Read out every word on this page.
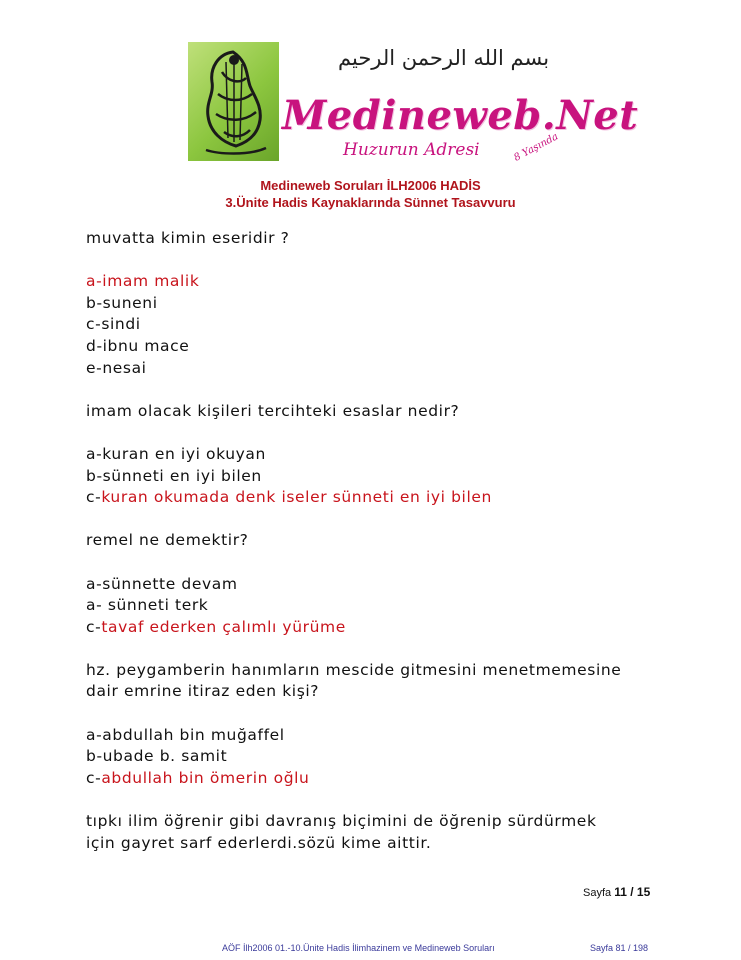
بسم الله الرحمن الرحيم
Medineweb.Net
Huzurun Adresi	8 Yaşında
Medineweb Soruları İLH2006 HADİS
3.Ünite Hadis Kaynaklarında Sünnet Tasavvuru
muvatta kimin eseridir ?
a-imam malik
b-suneni
c-sindi
d-ibnu mace
e-nesai
imam olacak kişileri tercihteki esaslar nedir?
a-kuran en iyi okuyan
b-sünneti en iyi bilen
c-kuran okumada denk iseler sünneti en iyi bilen
remel ne demektir?
a-sünnette devam
a- sünneti terk
c-tavaf ederken çalımlı yürüme
hz. peygamberin hanımların mescide gitmesini menetmemesine
dair emrine itiraz eden kişi?
a-abdullah bin muğaffel
b-ubade b. samit
c-abdullah bin ömerin oğlu
tıpkı ilim öğrenir gibi davranış biçimini de öğrenip sürdürmek
için gayret sarf ederlerdi.sözü kime aittir.
Sayfa 11 / 15
AÖF İlh2006 01.-10.Ünite Hadis İlimhazinem ve Medineweb Soruları	Sayfa 81 / 198
